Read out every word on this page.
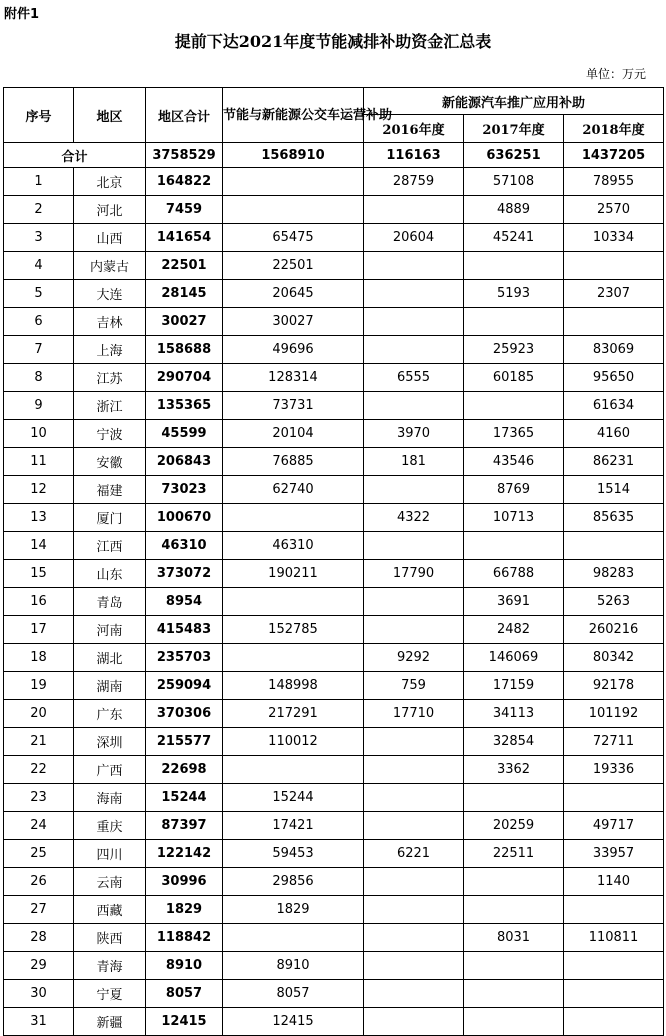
附件1
提前下达2021年度节能减排补助资金汇总表
单位：万元
序号	地区	地区合计	节能与新能源公交车运营补助	新能源汽车推广应用补助		
				2016年度	2017年度	2018年度
合计		3758529	1568910	116163	636251	1437205
1	北京	164822		28759	57108	78955
2	河北	7459			4889	2570
3	山西	141654	65475	20604	45241	10334
4	内蒙古	22501	22501			
5	大连	28145	20645		5193	2307
6	吉林	30027	30027			
7	上海	158688	49696		25923	83069
8	江苏	290704	128314	6555	60185	95650
9	浙江	135365	73731			61634
10	宁波	45599	20104	3970	17365	4160
11	安徽	206843	76885	181	43546	86231
12	福建	73023	62740		8769	1514
13	厦门	100670		4322	10713	85635
14	江西	46310	46310			
15	山东	373072	190211	17790	66788	98283
16	青岛	8954			3691	5263
17	河南	415483	152785		2482	260216
18	湖北	235703		9292	146069	80342
19	湖南	259094	148998	759	17159	92178
20	广东	370306	217291	17710	34113	101192
21	深圳	215577	110012		32854	72711
22	广西	22698			3362	19336
23	海南	15244	15244			
24	重庆	87397	17421		20259	49717
25	四川	122142	59453	6221	22511	33957
26	云南	30996	29856			1140
27	西藏	1829	1829			
28	陕西	118842			8031	110811
29	青海	8910	8910			
30	宁夏	8057	8057			
31	新疆	12415	12415			
